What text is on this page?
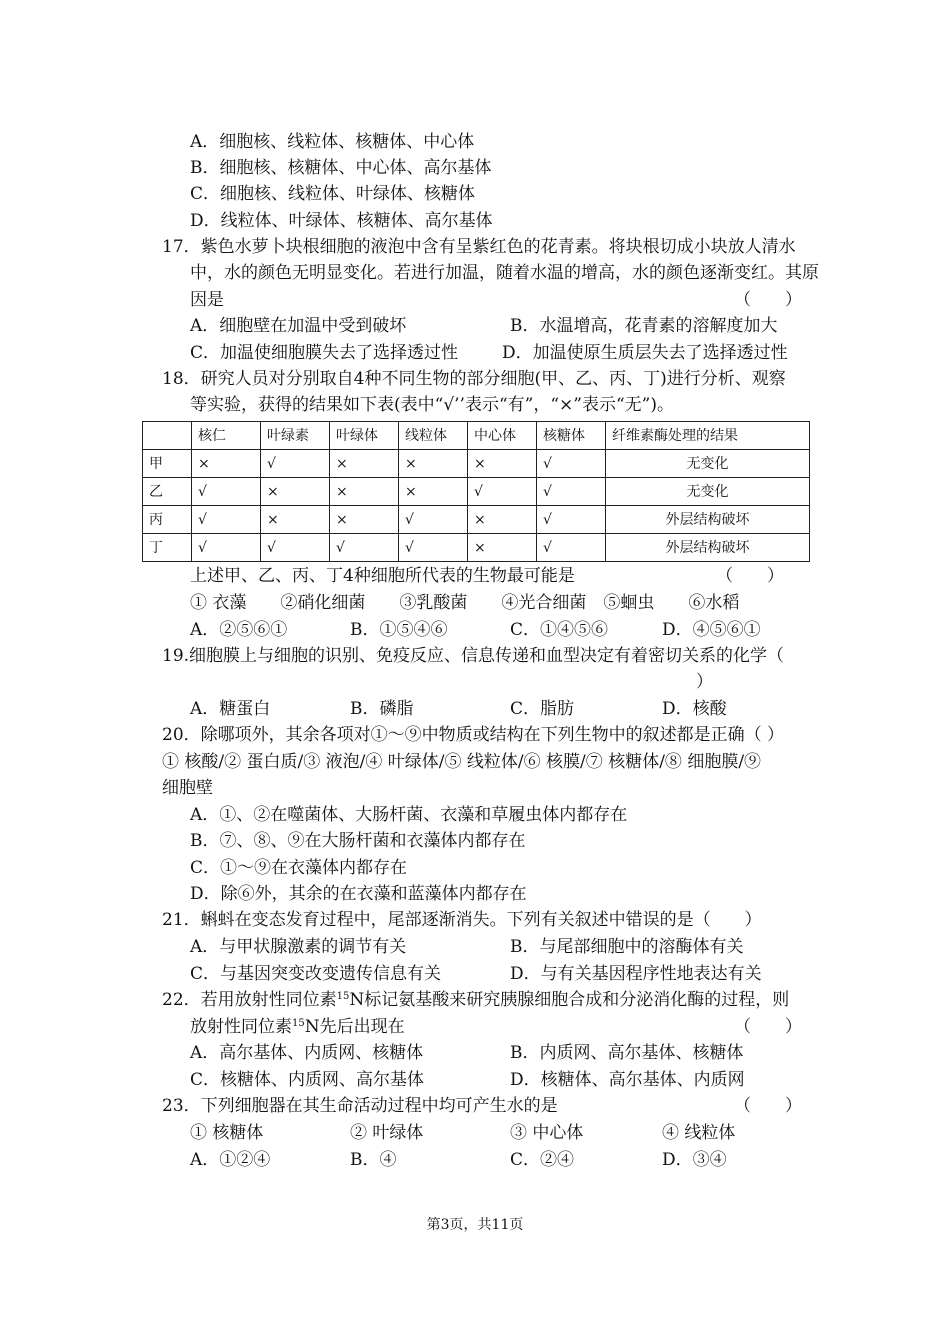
A．细胞核、线粒体、核糖体、中心体
B．细胞核、核糖体、中心体、高尔基体
C．细胞核、线粒体、叶绿体、核糖体
D．线粒体、叶绿体、核糖体、高尔基体
17．紫色水萝卜块根细胞的液泡中含有呈紫红色的花青素。将块根切成小块放人清水
中，水的颜色无明显变化。若进行加温，随着水温的增高，水的颜色逐渐变红。其原
因是	（　　）
A．细胞壁在加温中受到破坏	B．水温增高，花青素的溶解度加大
C．加温使细胞膜失去了选择透过性	D．加温使原生质层失去了选择透过性
18．研究人员对分别取自4种不同生物的部分细胞(甲、乙、丙、丁)进行分析、观察
等实验，获得的结果如下表(表中“√’’表示“有”，“×”表示“无”)。
	核仁	叶绿素	叶绿体	线粒体	中心体	核糖体	纤维素酶处理的结果
甲	×	√	×	×	×	√	无变化
乙	√	×	×	×	√	√	无变化
丙	√	×	×	√	×	√	外层结构破坏
丁	√	√	√	√	×	√	外层结构破坏
上述甲、乙、丙、丁4种细胞所代表的生物最可能是	（　　）
① 衣藻　　②硝化细菌　　③乳酸菌　　④光合细菌　⑤蛔虫　　⑥水稻
A．②⑤⑥①	B．①⑤④⑥	C．①④⑤⑥	D．④⑤⑥①
19.细胞膜上与细胞的识别、免疫反应、信息传递和血型决定有着密切关系的化学（
）
A．糖蛋白	B．磷脂	C．脂肪	D．核酸
20．除哪项外，其余各项对①～⑨中物质或结构在下列生物中的叙述都是正确（ ）
① 核酸/② 蛋白质/③ 液泡/④ 叶绿体/⑤ 线粒体/⑥ 核膜/⑦ 核糖体/⑧ 细胞膜/⑨
细胞壁
A．①、②在噬菌体、大肠杆菌、衣藻和草履虫体内都存在
B．⑦、⑧、⑨在大肠杆菌和衣藻体内都存在
C．①～⑨在衣藻体内都存在
D．除⑥外，其余的在衣藻和蓝藻体内都存在
21．蝌蚪在变态发育过程中，尾部逐渐消失。下列有关叙述中错误的是（　　）
A．与甲状腺激素的调节有关	B．与尾部细胞中的溶酶体有关
C．与基因突变改变遗传信息有关	D．与有关基因程序性地表达有关
22．若用放射性同位素$^{15}$N标记氨基酸来研究胰腺细胞合成和分泌消化酶的过程，则
放射性同位素$^{15}$N先后出现在	（　　）
A．高尔基体、内质网、核糖体	B．内质网、高尔基体、核糖体
C．核糖体、内质网、高尔基体	D．核糖体、高尔基体、内质网
23．下列细胞器在其生命活动过程中均可产生水的是	（　　）
① 核糖体	② 叶绿体	③ 中心体	④ 线粒体
A．①②④	B．④	C．②④	D．③④
第3页，共11页
